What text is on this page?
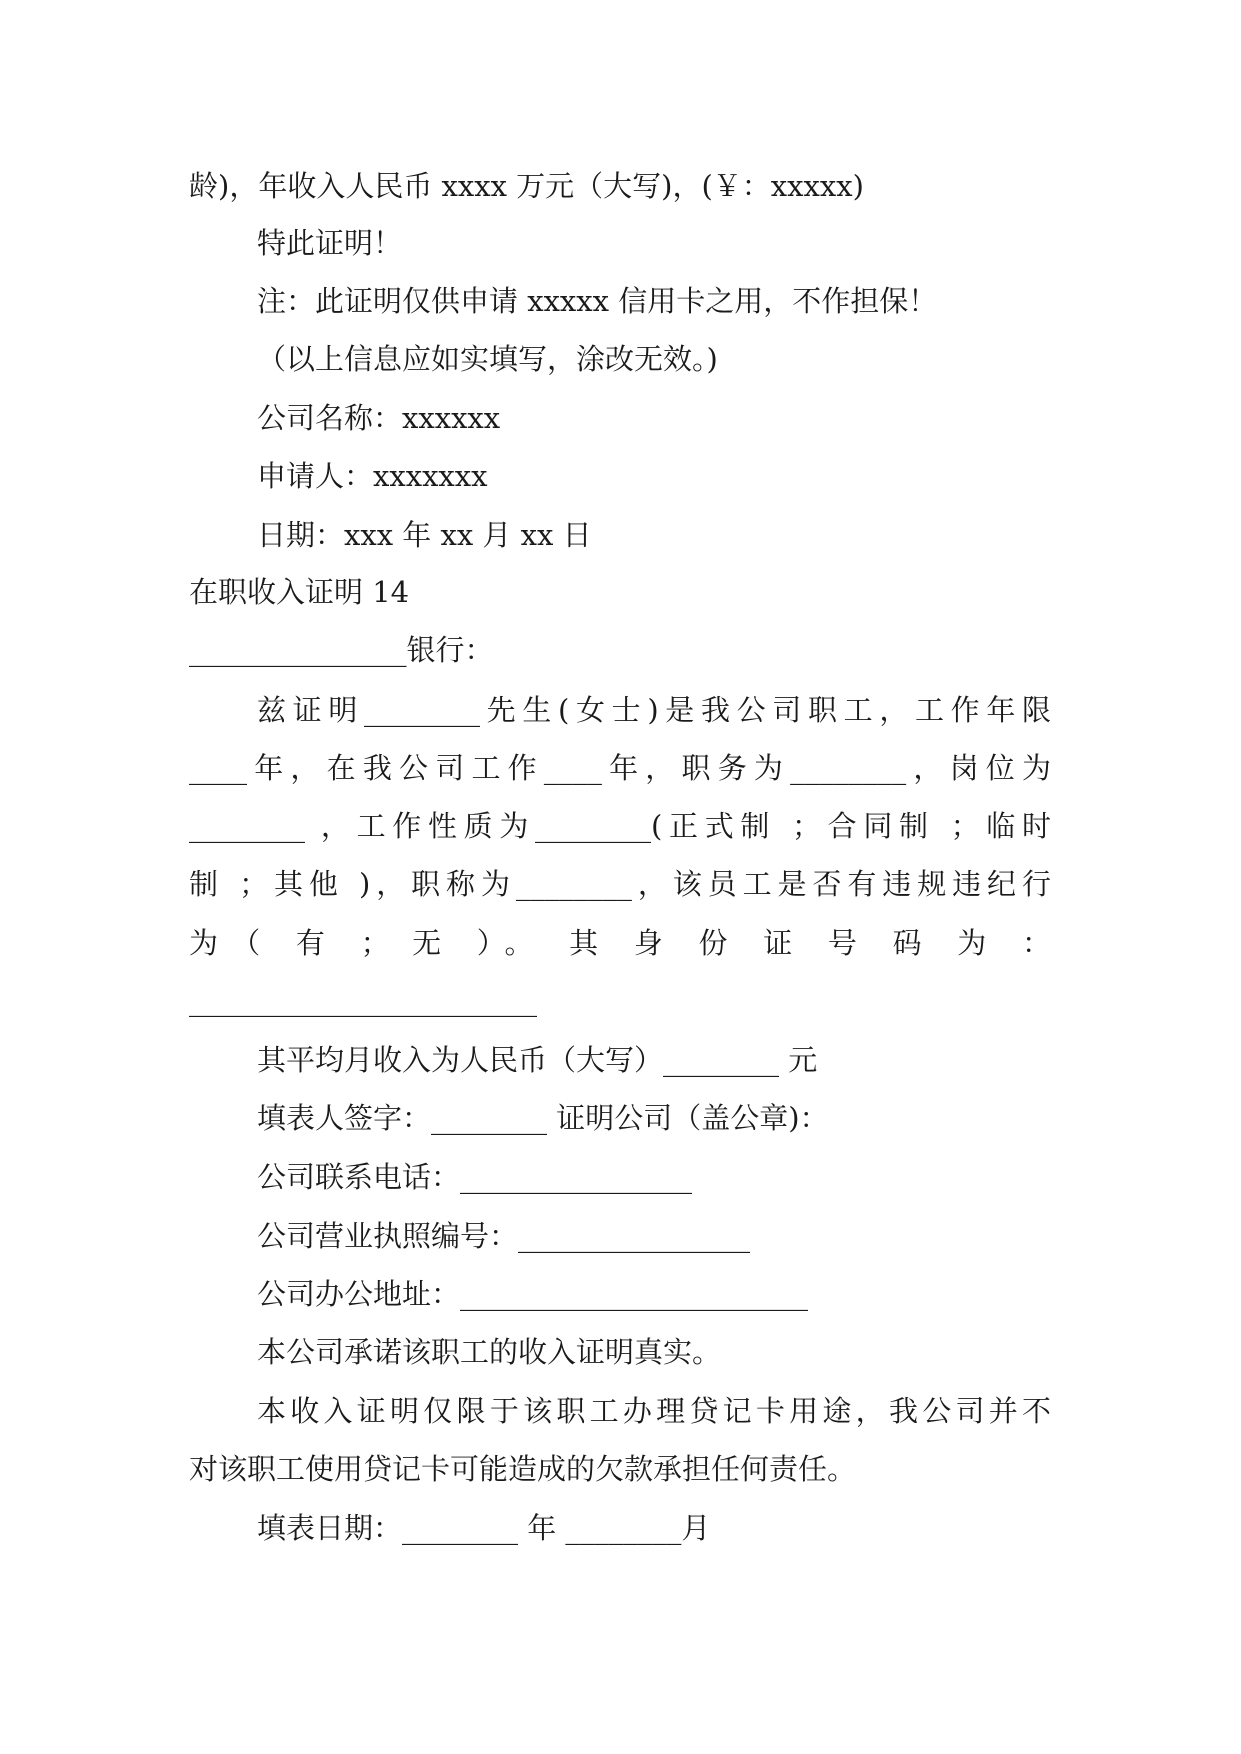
龄)，年收入人民币 xxxx 万元（大写)，(￥：xxxxx)
特此证明！
注：此证明仅供申请 xxxxx 信用卡之用，不作担保！
（以上信息应如实填写，涂改无效。)
公司名称：xxxxxx
申请人：xxxxxxx
日期：xxx 年 xx 月 xx 日
在职收入证明 14
_______________银行：
兹证明________先生(女士)是我公司职工，工作年限
____年，在我公司工作____年，职务为________，岗位为
________ ，工作性质为________(正式制 ；合同制 ；临时
制 ；其他 )，职称为________，该员工是否有违规违纪行
为（ 有 ； 无 ）。 其 身 份 证 号 码 为 ：
________________________
其平均月收入为人民币（大写）________ 元
填表人签字：________ 证明公司（盖公章)：
公司联系电话：________________
公司营业执照编号：________________
公司办公地址：________________________
本公司承诺该职工的收入证明真实。
本收入证明仅限于该职工办理贷记卡用途，我公司并不
对该职工使用贷记卡可能造成的欠款承担任何责任。
填表日期：________ 年 ________月
